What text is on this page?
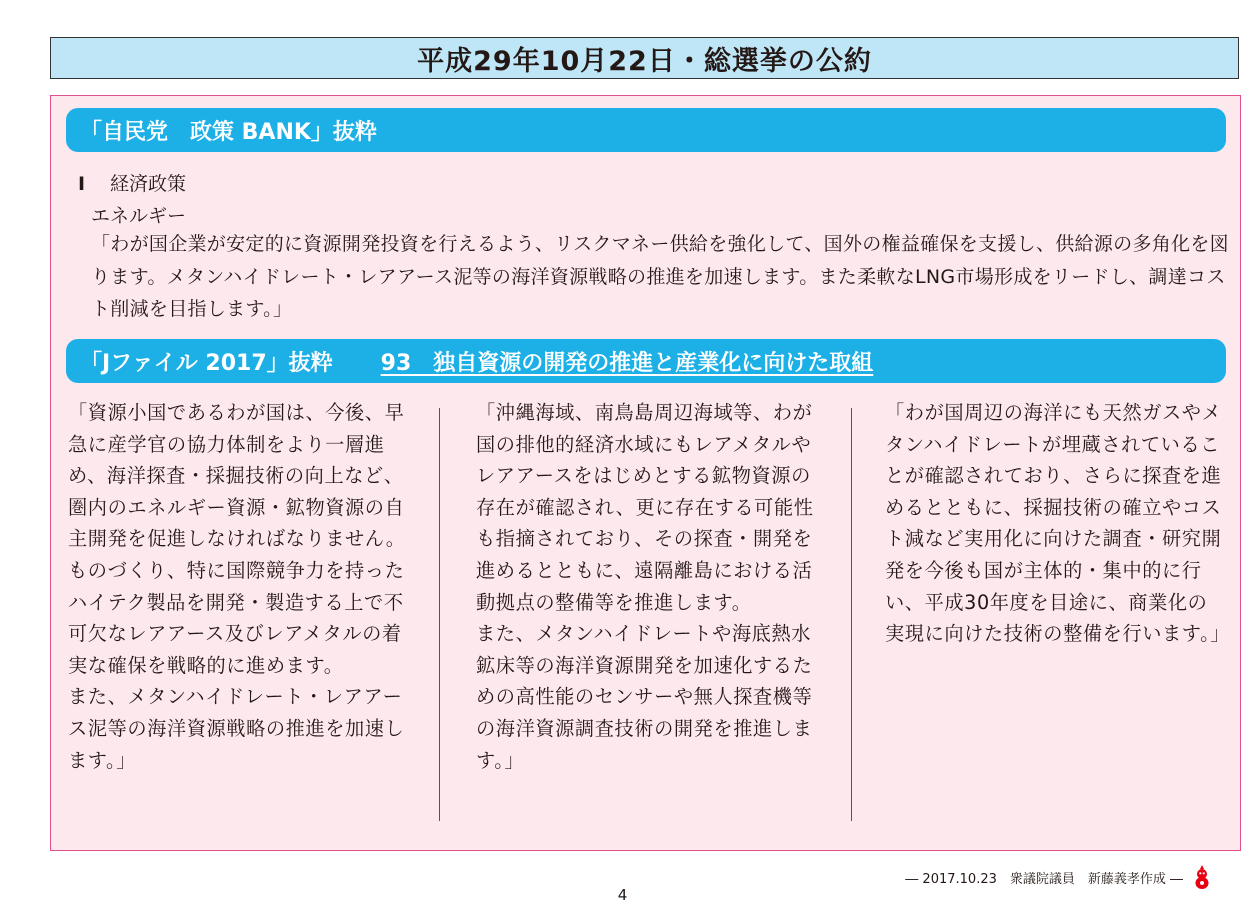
平成29年10月22日・総選挙の公約
「自民党　政策 BANK」抜粋
Ⅰ 経済政策
エネルギー
「わが国企業が安定的に資源開発投資を行えるよう、リスクマネー供給を強化して、国外の権益確保を支援し、供給源の多角化を図ります。メタンハイドレート・レアアース泥等の海洋資源戦略の推進を加速します。また柔軟なLNG市場形成をリードし、調達コスト削減を目指します。」
「Jファイル 2017」抜粋 93　独自資源の開発の推進と産業化に向けた取組

「資源小国であるわが国は、今後、早急に産学官の協力体制をより一層進め、海洋探査・採掘技術の向上など、圏内のエネルギー資源・鉱物資源の自主開発を促進しなければなりません。

ものづくり、特に国際競争力を持ったハイテク製品を開発・製造する上で不可欠なレアアース及びレアメタルの着実な確保を戦略的に進めます。

また、メタンハイドレート・レアアース泥等の海洋資源戦略の推進を加速します。」

「沖縄海域、南鳥島周辺海域等、わが国の排他的経済水域にもレアメタルやレアアースをはじめとする鉱物資源の存在が確認され、更に存在する可能性も指摘されており、その探査・開発を進めるとともに、遠隔離島における活動拠点の整備等を推進します。

また、メタンハイドレートや海底熱水鉱床等の海洋資源開発を加速化するための高性能のセンサーや無人探査機等の海洋資源調査技術の開発を推進します。」

「わが国周辺の海洋にも天然ガスやメタンハイドレートが埋蔵されていることが確認されており、さらに探査を進めるとともに、採掘技術の確立やコスト減など実用化に向けた調査・研究開発を今後も国が主体的・集中的に行い、平成30年度を目途に、商業化の実現に向けた技術の整備を行います。」

― 2017.10.23　衆議院議員　新藤義孝作成 ―
4
